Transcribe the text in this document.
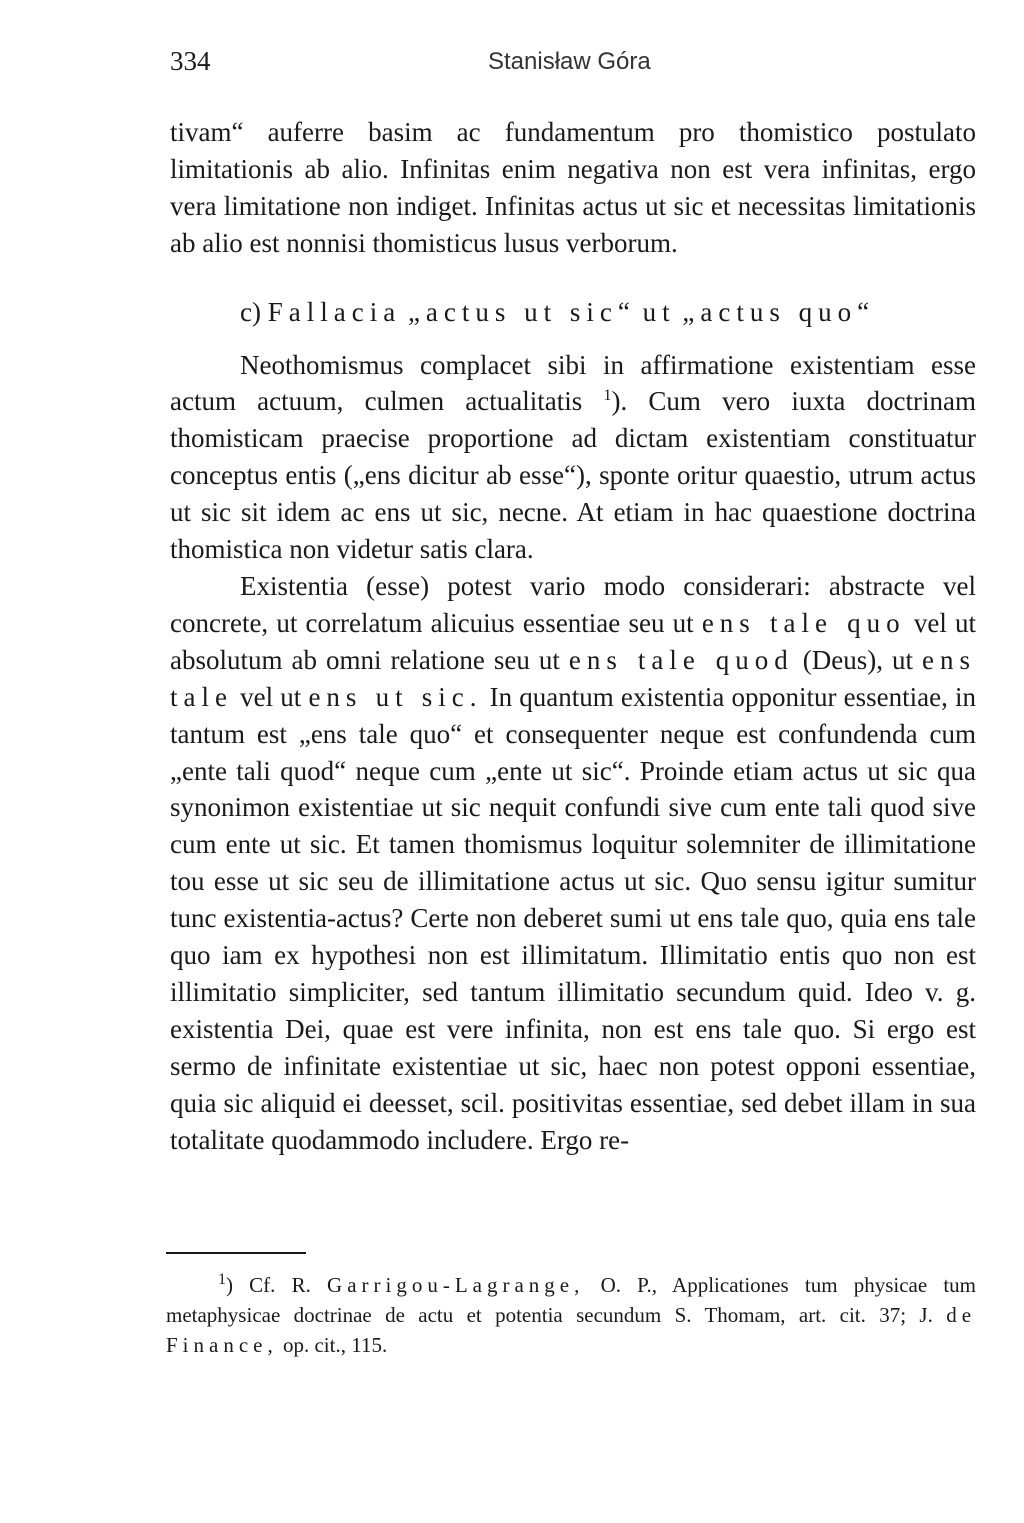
334	Stanisław Góra

tivam“ auferre basim ac fundamentum pro thomistico postulato limitationis ab alio. Infinitas enim negativa non est vera infinitas, ergo vera limitatione non indiget. Infinitas actus ut sic et necessitas limitationis ab alio est nonnisi thomisticus lusus verborum.

c) Fallacia „actus ut sic“ ut „actus quo“

Neothomismus complacet sibi in affirmatione existentiam esse actum actuum, culmen actualitatis $^1$). Cum vero iuxta doctrinam thomisticam praecise proportione ad dictam existentiam constituatur conceptus entis („ens dicitur ab esse“), sponte oritur quaestio, utrum actus ut sic sit idem ac ens ut sic, necne. At etiam in hac quaestione doctrina thomistica non videtur satis clara.

Existentia (esse) potest vario modo considerari: abstracte vel concrete, ut correlatum alicuius essentiae seu ut ens tale quo vel ut absolutum ab omni relatione seu ut ens tale quod (Deus), ut ens tale vel ut ens ut sic. In quantum existentia opponitur essentiae, in tantum est „ens tale quo“ et consequenter neque est confundenda cum „ente tali quod“ neque cum „ente ut sic“. Proinde etiam actus ut sic qua synonimon existentiae ut sic nequit confundi sive cum ente tali quod sive cum ente ut sic. Et tamen thomismus loquitur solemniter de illimitatione tou esse ut sic seu de illimitatione actus ut sic. Quo sensu igitur sumitur tunc existentia-actus? Certe non deberet sumi ut ens tale quo, quia ens tale quo iam ex hypothesi non est illimitatum. Illimitatio entis quo non est illimitatio simpliciter, sed tantum illimitatio secundum quid. Ideo v. g. existentia Dei, quae est vere infinita, non est ens tale quo. Si ergo est sermo de infinitate existentiae ut sic, haec non potest opponi essentiae, quia sic aliquid ei deesset, scil. positivitas essentiae, sed debet illam in sua totalitate quodammodo includere. Ergo re-

$^1$) Cf. R. Garrigou-Lagrange, O. P., Applicationes tum physicae tum metaphysicae doctrinae de actu et potentia secundum S. Thomam, art. cit. 37; J. de Finance, op. cit., 115.
